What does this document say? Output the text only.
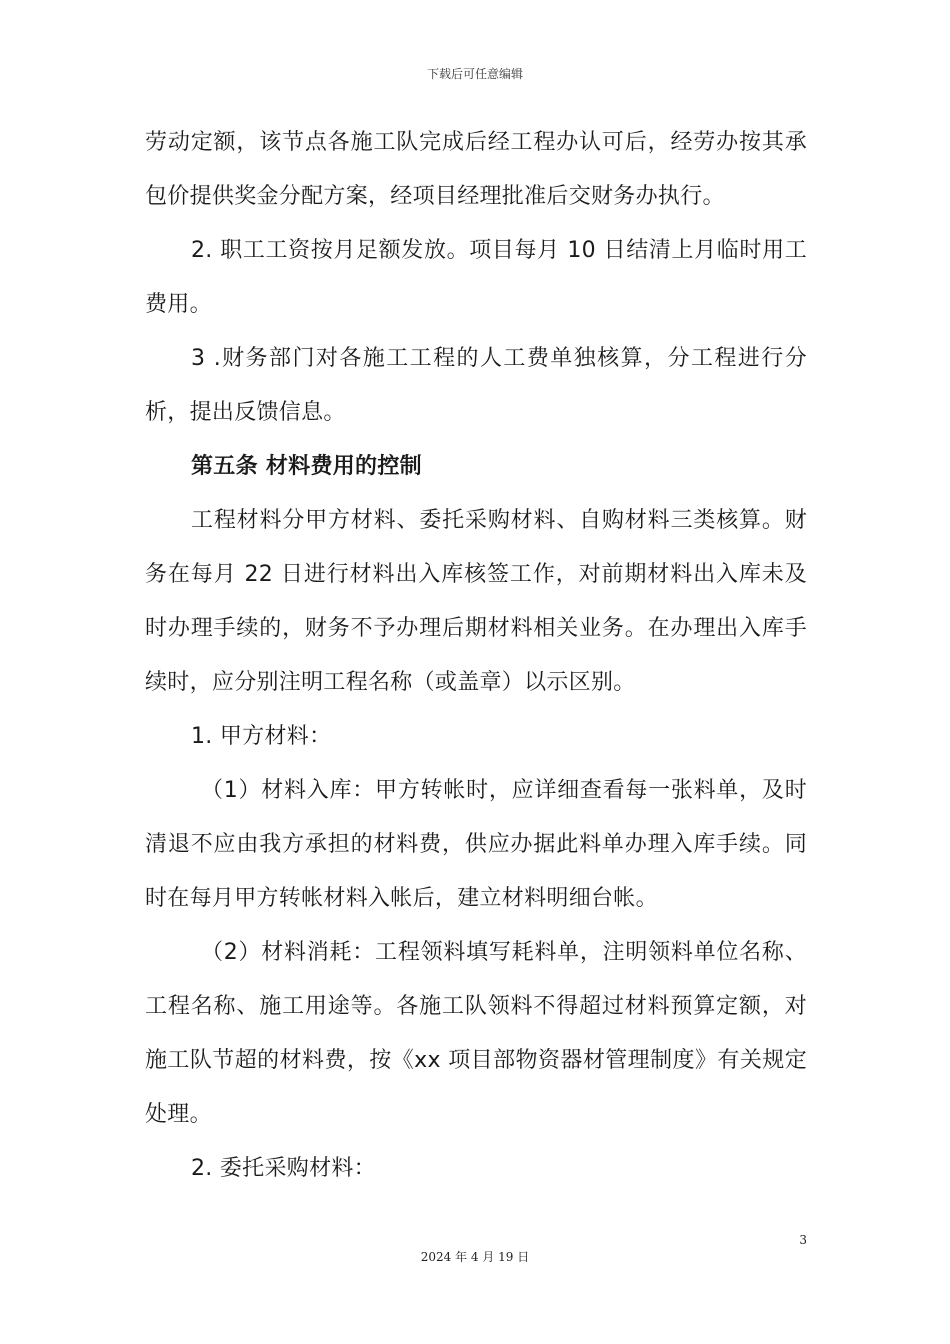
下载后可任意编辑

劳动定额，该节点各施工队完成后经工程办认可后，经劳办按其承包价提供奖金分配方案，经项目经理批准后交财务办执行。

2. 职工工资按月足额发放。项目每月 10 日结清上月临时用工费用。

3 .财务部门对各施工工程的人工费单独核算，分工程进行分析，提出反馈信息。

第五条 材料费用的控制

工程材料分甲方材料、委托采购材料、自购材料三类核算。财务在每月 22 日进行材料出入库核签工作，对前期材料出入库未及时办理手续的，财务不予办理后期材料相关业务。在办理出入库手续时，应分别注明工程名称（或盖章）以示区别。

1. 甲方材料：

（1）材料入库：甲方转帐时，应详细查看每一张料单，及时清退不应由我方承担的材料费，供应办据此料单办理入库手续。同时在每月甲方转帐材料入帐后，建立材料明细台帐。

（2）材料消耗：工程领料填写耗料单，注明领料单位名称、工程名称、施工用途等。各施工队领料不得超过材料预算定额，对施工队节超的材料费，按《xx 项目部物资器材管理制度》有关规定处理。

2. 委托采购材料：

3
2024 年 4 月 19 日
